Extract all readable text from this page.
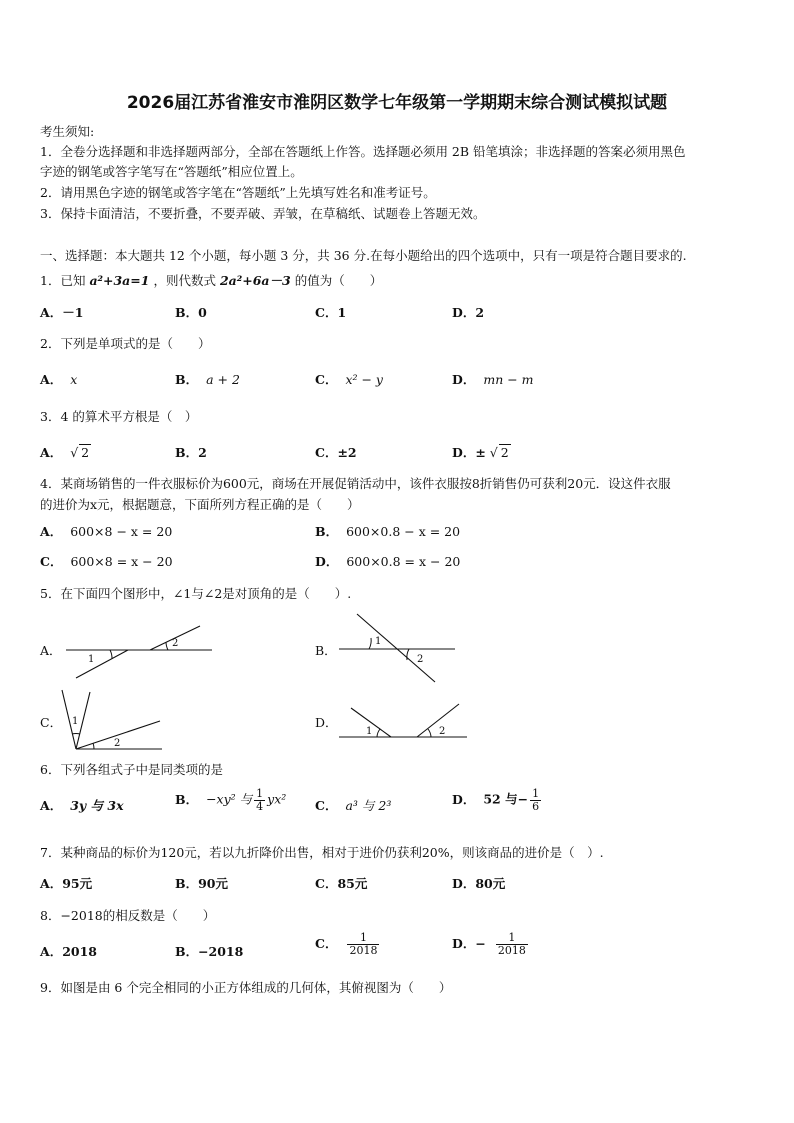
2026届江苏省淮安市淮阴区数学七年级第一学期期末综合测试模拟试题
考生须知:
1．全卷分选择题和非选择题两部分，全部在答题纸上作答。选择题必须用 2B 铅笔填涂；非选择题的答案必须用黑色
字迹的钢笔或答字笔写在“答题纸”相应位置上。
2．请用黑色字迹的钢笔或答字笔在“答题纸”上先填写姓名和准考证号。
3．保持卡面清洁，不要折叠，不要弄破、弄皱，在草稿纸、试题卷上答题无效。
一、选择题：本大题共 12 个小题，每小题 3 分，共 36 分.在每小题给出的四个选项中，只有一项是符合题目要求的.
1．已知 a²+3a=1 ，则代数式 2a²+6a－3 的值为（　　）
A．－1	B．0	C．1	D．2
2．下列是单项式的是（　　）
A． x	B． a + 2	C． x² − y	D． mn − m
3．4 的算术平方根是（　）
A． √ 2	B．2	C．±2	D．± √ 2
4．某商场销售的一件衣服标价为600元，商场在开展促销活动中，该件衣服按8折销售仍可获利20元．设这件衣服
的进价为x元，根据题意，下面所列方程正确的是（　　）
A． 600×8 − x = 20	B． 600×0.8 − x = 20
C． 600×8 = x − 20	D． 600×0.8 = x − 20
5．在下面四个图形中，∠1与∠2是对顶角的是（　　）.
A．
1
2	B．
1
2
C． 1
2
D．
1	2
6．下列各组式子中是同类项的是
A． 3y 与 3x	B． −xy² 与 $\frac{1}{4} yx^2$ C． a³ 与 2³	D． 52 与− $\frac{1}{6}$
7．某种商品的标价为120元，若以九折降价出售，相对于进价仍获利20%，则该商品的进价是（　）.
A．95元	B．90元	C．85元	D．80元
8．−2018的相反数是（　　）
A．2018	B．−2018
C． $\frac{1}{2018}$	D．− $\frac{1}{2018}$
9．如图是由 6 个完全相同的小正方体组成的几何体，其俯视图为（　　）
